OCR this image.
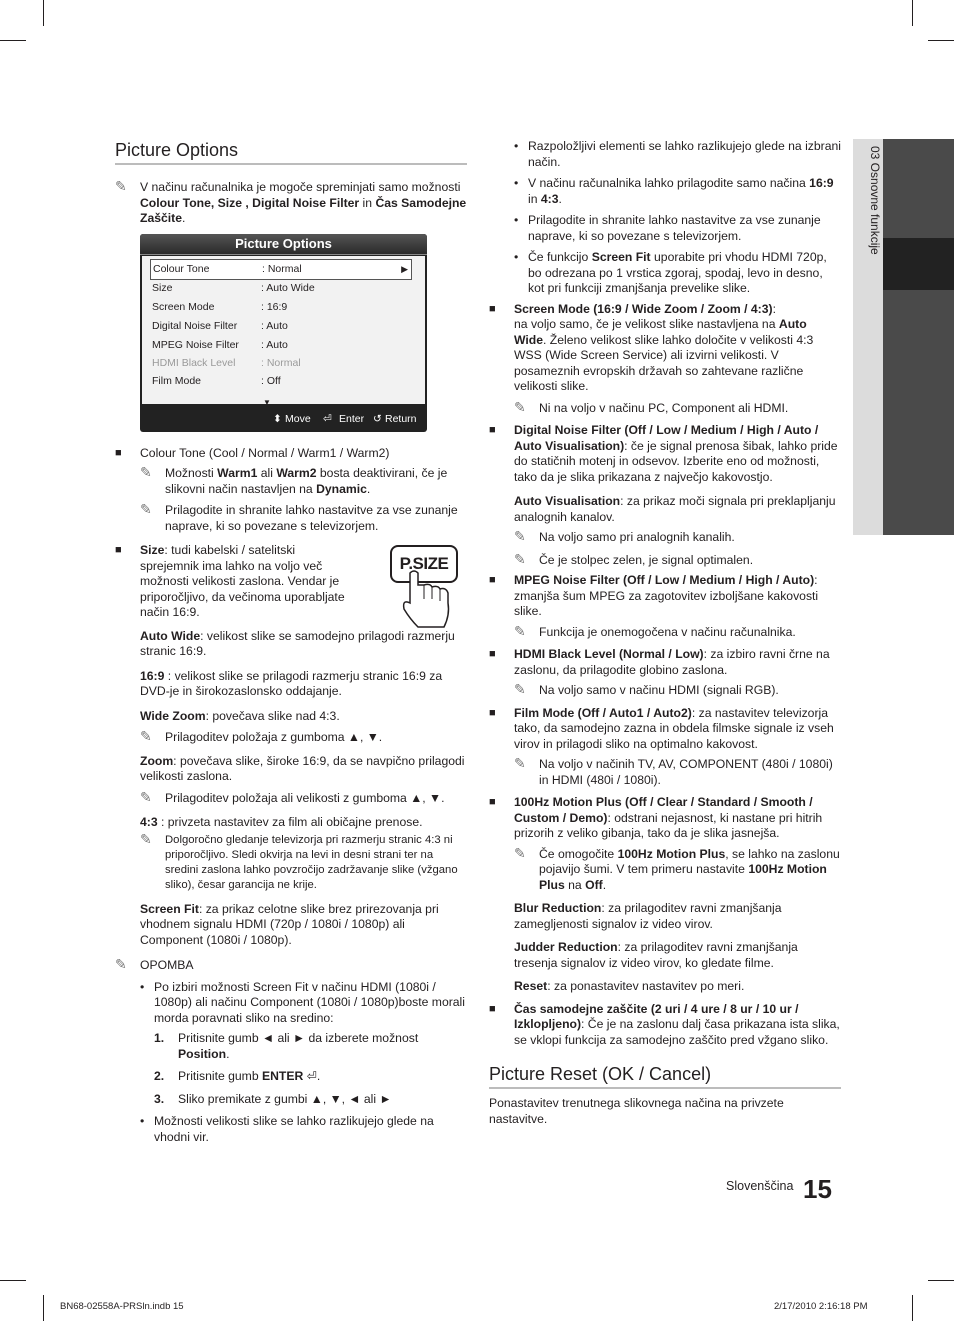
03 Osnovne funkcije
Picture Options
✎ V načinu računalnika je mogoče spreminjati samo možnosti Colour Tone, Size , Digital Noise Filter in Čas Samodejne Zaščite.

Picture Options
Colour Tone	: Normal	▶
Size	: Auto Wide
Screen Mode	: 16:9
Digital Noise Filter : Auto
MPEG Noise Filter : Auto
HDMI Black Level : Normal
Film Mode	: Off
▼
⬍ Move ⏎ Enter ↺ Return
■ Colour Tone (Cool / Normal / Warm1 / Warm2)

✎ Možnosti Warm1 ali Warm2 bosta deaktivirani, če je slikovni način nastavljen na Dynamic.

✎ Prilagodite in shranite lahko nastavitve za vse zunanje naprave, ki so povezane s televizorjem.

■ Size: tudi kabelski / satelitski sprejemnik ima lahko na voljo več možnosti velikosti zaslona. Vendar je priporočljivo, da večinoma uporabljate način 16:9.

Auto Wide: velikost slike se samodejno prilagodi razmerju stranic 16:9.

16:9 : velikost slike se prilagodi razmerju stranic 16:9 za DVD-je in širokozaslonsko oddajanje.

Wide Zoom: povečava slike nad 4:3.

✎ Prilagoditev položaja z gumboma ▲, ▼.

Zoom: povečava slike, široke 16:9, da se navpično prilagodi velikosti zaslona.

✎ Prilagoditev položaja ali velikosti z gumboma ▲, ▼.

4:3 : privzeta nastavitev za film ali običajne prenose.

✎ Dolgoročno gledanje televizorja pri razmerju stranic 4:3 ni priporočljivo. Sledi okvirja na levi in desni strani ter na sredini zaslona lahko povzročijo zadržavanje slike (vžgano sliko), česar garancija ne krije.

Screen Fit: za prikaz celotne slike brez prirezovanja pri vhodnem signalu HDMI (720p / 1080i / 1080p) ali Component (1080i / 1080p).

✎ OPOMBA

• Po izbiri možnosti Screen Fit v načinu HDMI (1080i / 1080p) ali načinu Component (1080i / 1080p)boste morali morda poravnati sliko na sredino:

1. Pritisnite gumb ◄ ali ► da izberete možnost Position.

2. Pritisnite gumb ENTER ⏎.

3. Sliko premikate z gumbi ▲, ▼, ◄ ali ►

• Možnosti velikosti slike se lahko razlikujejo glede na vhodni vir.

P.SIZE
• Razpoložljivi elementi se lahko razlikujejo glede na izbrani način.

• V načinu računalnika lahko prilagodite samo načina 16:9 in 4:3.

• Prilagodite in shranite lahko nastavitve za vse zunanje naprave, ki so povezane s televizorjem.

• Če funkcijo Screen Fit uporabite pri vhodu HDMI 720p, bo odrezana po 1 vrstica zgoraj, spodaj, levo in desno, kot pri funkciji zmanjšanja prevelike slike.

■ Screen Mode (16:9 / Wide Zoom / Zoom / 4:3):
na voljo samo, če je velikost slike nastavljena na Auto Wide. Želeno velikost slike lahko določite v velikosti 4:3 WSS (Wide Screen Service) ali izvirni velikosti. V posameznih evropskih državah so zahtevane različne velikosti slike.

✎ Ni na voljo v načinu PC, Component ali HDMI.

■ Digital Noise Filter (Off / Low / Medium / High / Auto / Auto Visualisation): če je signal prenosa šibak, lahko pride do statičnih motenj in odsevov. Izberite eno od možnosti, tako da je slika prikazana z največjo kakovostjo.

Auto Visualisation: za prikaz moči signala pri preklapljanju analognih kanalov.

✎ Na voljo samo pri analognih kanalih.

✎ Če je stolpec zelen, je signal optimalen.

■ MPEG Noise Filter (Off / Low / Medium / High / Auto): zmanjša šum MPEG za zagotovitev izboljšane kakovosti slike.

✎ Funkcija je onemogočena v načinu računalnika.

■ HDMI Black Level (Normal / Low): za izbiro ravni črne na zaslonu, da prilagodite globino zaslona.

✎ Na voljo samo v načinu HDMI (signali RGB).

■ Film Mode (Off / Auto1 / Auto2): za nastavitev televizorja tako, da samodejno zazna in obdela filmske signale iz vseh virov in prilagodi sliko na optimalno kakovost.

✎ Na voljo v načinih TV, AV, COMPONENT (480i / 1080i) in HDMI (480i / 1080i).

■ 100Hz Motion Plus (Off / Clear / Standard / Smooth / Custom / Demo): odstrani nejasnost, ki nastane pri hitrih prizorih z veliko gibanja, tako da je slika jasnejša.

✎ Če omogočite 100Hz Motion Plus, se lahko na zaslonu pojavijo šumi. V tem primeru nastavite 100Hz Motion Plus na Off.

Blur Reduction: za prilagoditev ravni zmanjšanja zamegljenosti signalov iz video virov.

Judder Reduction: za prilagoditev ravni zmanjšanja tresenja signalov iz video virov, ko gledate filme.

Reset: za ponastavitev nastavitev po meri.

■ Čas samodejne zaščite (2 uri / 4 ure / 8 ur / 10 ur / Izklopljeno): Če je na zaslonu dalj časa prikazana ista slika, se vklopi funkcija za samodejno zaščito pred vžgano sliko.

Picture Reset (OK / Cancel)

Ponastavitev trenutnega slikovnega načina na privzete nastavitve.

Slovenščina 15
BN68-02558A-PRSln.indb 15	2/17/2010 2:16:18 PM
